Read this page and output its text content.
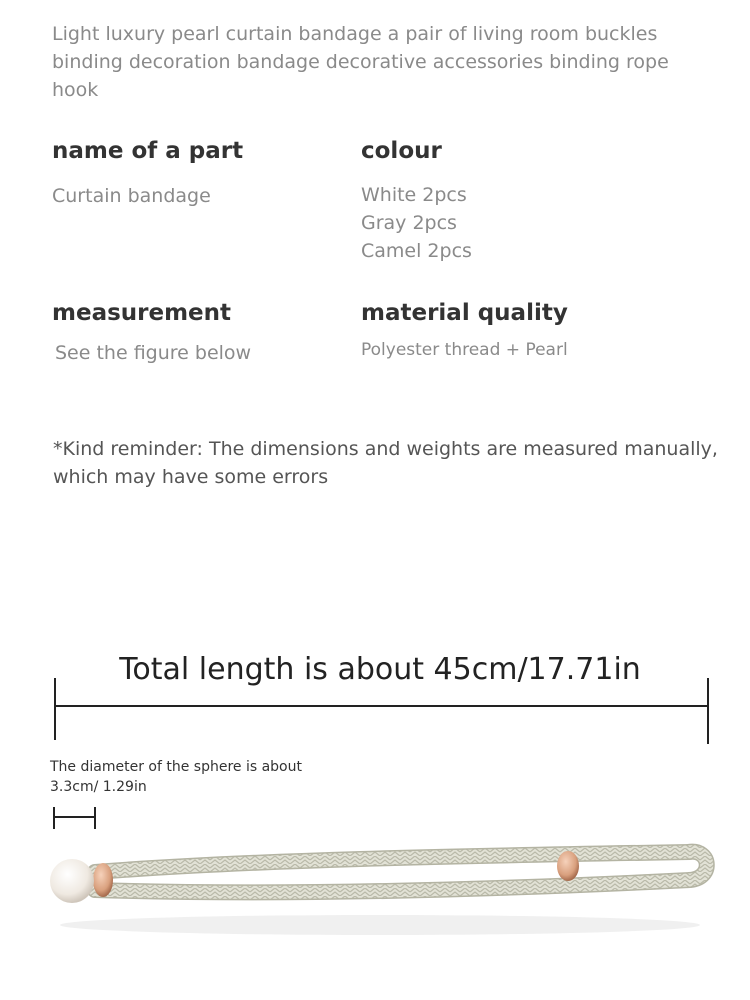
Light luxury pearl curtain bandage a pair of living room buckles binding decoration bandage decorative accessories binding rope hook
name of a part
Curtain bandage
colour
White 2pcs
Gray 2pcs
Camel 2pcs
measurement
See the figure below
material quality
Polyester thread + Pearl
*Kind reminder: The dimensions and weights are measured manually, which may have some errors
Total length is about 45cm/17.71in
The diameter of the sphere is about
3.3cm/ 1.29in
